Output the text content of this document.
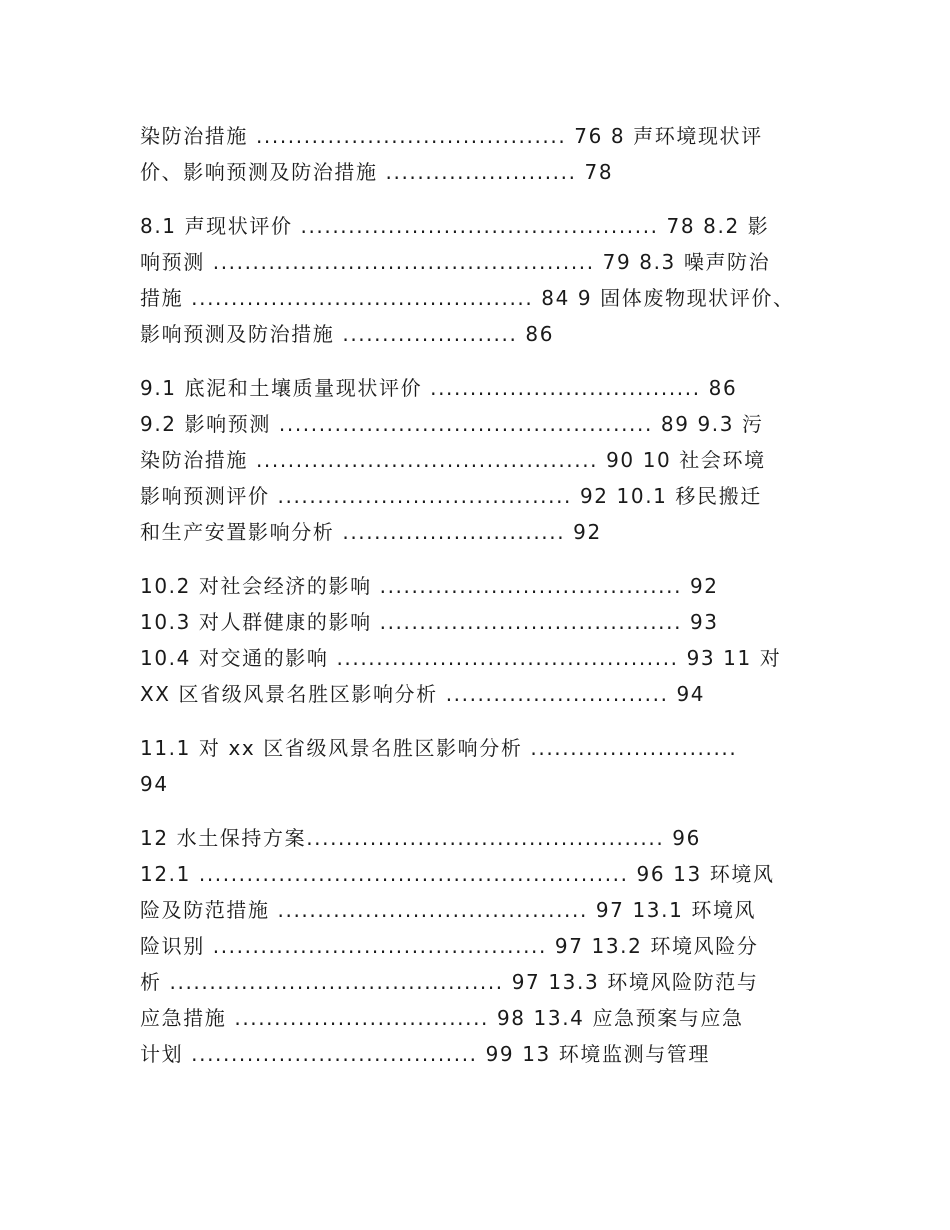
染防治措施 ....................................... 76 8 声环境现状评
价、影响预测及防治措施 ........................ 78
8.1 声现状评价 ............................................. 78 8.2 影
响预测 ................................................ 79 8.3 噪声防治
措施 ........................................... 84 9 固体废物现状评价、
影响预测及防治措施 ...................... 86
9.1 底泥和土壤质量现状评价 .................................. 86
9.2 影响预测 ............................................... 89 9.3 污
染防治措施 ........................................... 90 10 社会环境
影响预测评价 ..................................... 92 10.1 移民搬迁
和生产安置影响分析 ............................ 92
10.2 对社会经济的影响 ...................................... 92
10.3 对人群健康的影响 ...................................... 93
10.4 对交通的影响 ........................................... 93 11 对
XX 区省级风景名胜区影响分析 ............................ 94
11.1 对 xx 区省级风景名胜区影响分析 ..........................
94
12 水土保持方案............................................. 96
12.1 ...................................................... 96 13 环境风
险及防范措施 ....................................... 97 13.1 环境风
险识别 .......................................... 97 13.2 环境风险分
析 .......................................... 97 13.3 环境风险防范与
应急措施 ................................ 98 13.4 应急预案与应急
计划 .................................... 99 13 环境监测与管理
